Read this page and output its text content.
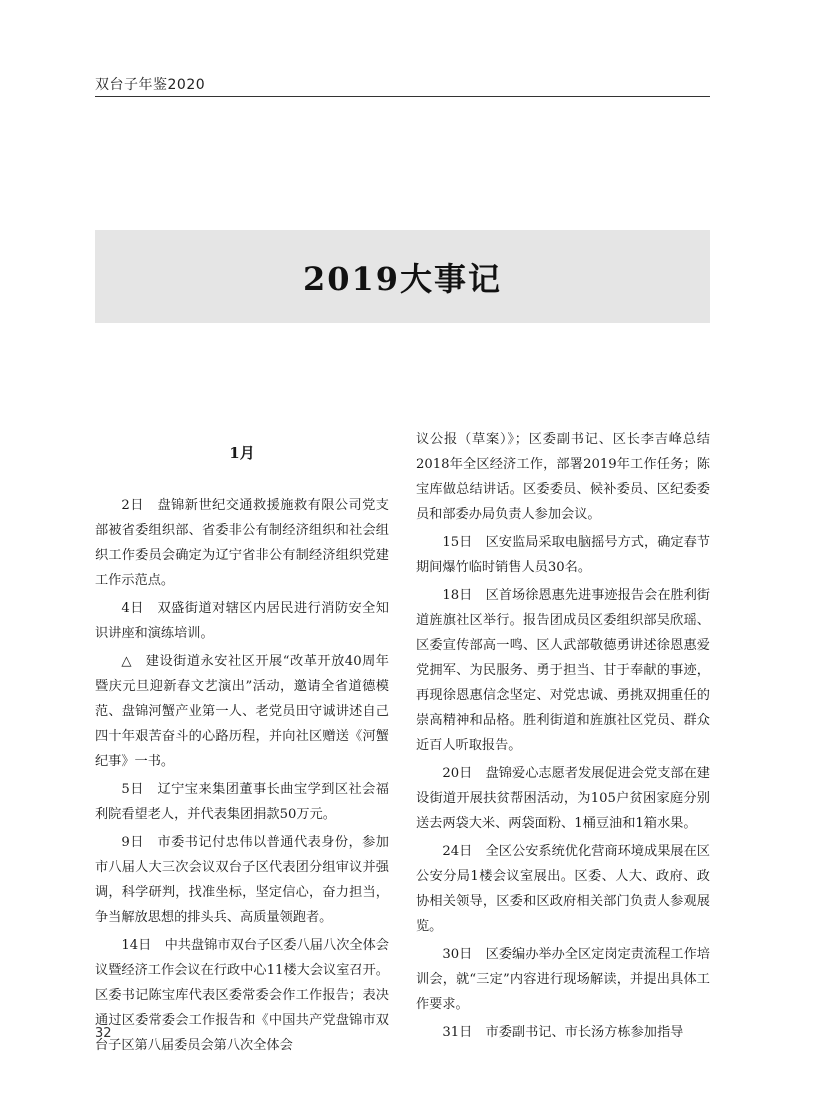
双台子年鉴2020
2019大事记
1月

2日　盘锦新世纪交通救援施救有限公司党支部被省委组织部、省委非公有制经济组织和社会组织工作委员会确定为辽宁省非公有制经济组织党建工作示范点。

4日　双盛街道对辖区内居民进行消防安全知识讲座和演练培训。

△　建设街道永安社区开展“改革开放40周年暨庆元旦迎新春文艺演出”活动，邀请全省道德模范、盘锦河蟹产业第一人、老党员田守诚讲述自己四十年艰苦奋斗的心路历程，并向社区赠送《河蟹纪事》一书。

5日　辽宁宝来集团董事长曲宝学到区社会福利院看望老人，并代表集团捐款50万元。

9日　市委书记付忠伟以普通代表身份，参加市八届人大三次会议双台子区代表团分组审议并强调，科学研判，找准坐标，坚定信心，奋力担当，争当解放思想的排头兵、高质量领跑者。

14日　中共盘锦市双台子区委八届八次全体会议暨经济工作会议在行政中心11楼大会议室召开。区委书记陈宝库代表区委常委会作工作报告；表决通过区委常委会工作报告和《中国共产党盘锦市双台子区第八届委员会第八次全体会

议公报（草案）》；区委副书记、区长李吉峰总结2018年全区经济工作，部署2019年工作任务；陈宝库做总结讲话。区委委员、候补委员、区纪委委员和部委办局负责人参加会议。

15日　区安监局采取电脑摇号方式，确定春节期间爆竹临时销售人员30名。

18日　区首场徐恩惠先进事迹报告会在胜利街道旌旗社区举行。报告团成员区委组织部吴欣瑶、区委宣传部高一鸣、区人武部敬德勇讲述徐恩惠爱党拥军、为民服务、勇于担当、甘于奉献的事迹，再现徐恩惠信念坚定、对党忠诚、勇挑双拥重任的崇高精神和品格。胜利街道和旌旗社区党员、群众近百人听取报告。

20日　盘锦爱心志愿者发展促进会党支部在建设街道开展扶贫帮困活动，为105户贫困家庭分别送去两袋大米、两袋面粉、1桶豆油和1箱水果。

24日　全区公安系统优化营商环境成果展在区公安分局1楼会议室展出。区委、人大、政府、政协相关领导，区委和区政府相关部门负责人参观展览。

30日　区委编办举办全区定岗定责流程工作培训会，就“三定”内容进行现场解读，并提出具体工作要求。

31日　市委副书记、市长汤方栋参加指导

32
